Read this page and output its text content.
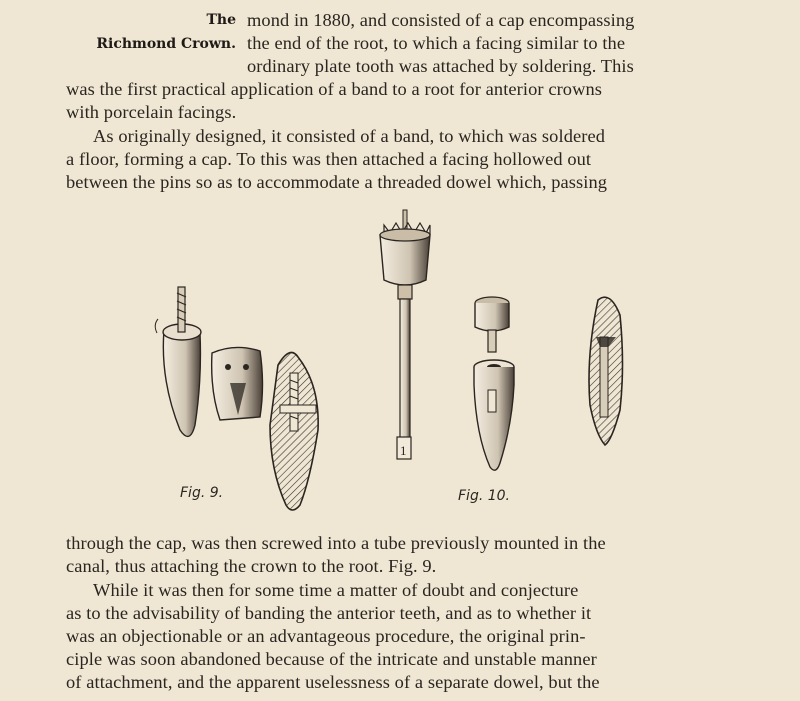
The
Richmond Crown.
mond in 1880, and consisted of a cap encompassing
the end of the root, to which a facing similar to the
ordinary plate tooth was attached by soldering. This
was the first practical application of a band to a root for anterior crowns
with porcelain facings.
As originally designed, it consisted of a band, to which was soldered
a floor, forming a cap. To this was then attached a facing hollowed out
between the pins so as to accommodate a threaded dowel which, passing
1
Fig. 9.	Fig. 10.
through the cap, was then screwed into a tube previously mounted in the
canal, thus attaching the crown to the root. Fig. 9.
While it was then for some time a matter of doubt and conjecture
as to the advisability of banding the anterior teeth, and as to whether it
was an objectionable or an advantageous procedure, the original prin-
ciple was soon abandoned because of the intricate and unstable manner
of attachment, and the apparent uselessness of a separate dowel, but the
